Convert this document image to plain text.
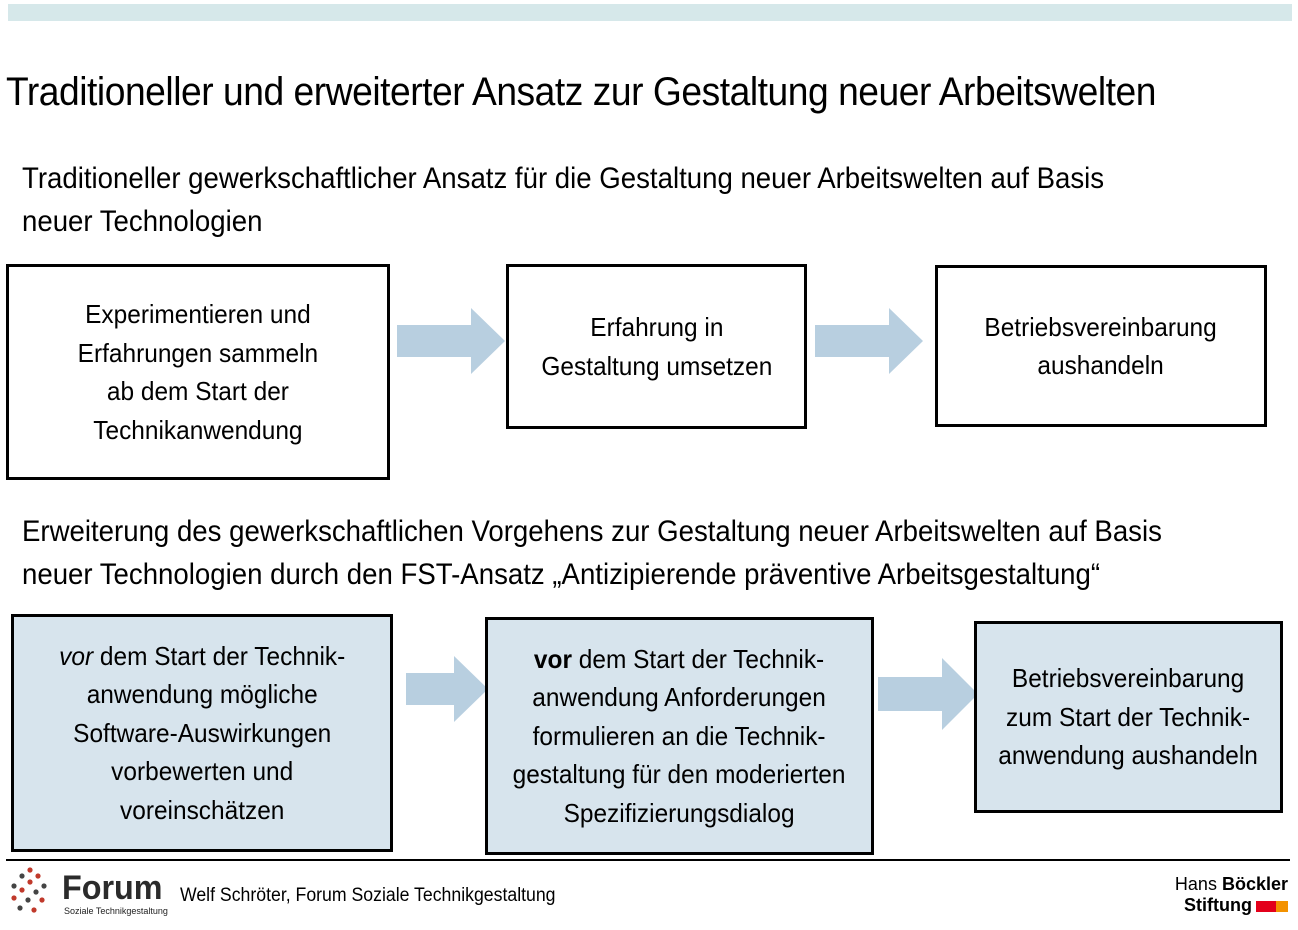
Traditioneller und erweiterter Ansatz zur Gestaltung neuer Arbeitswelten
Traditioneller gewerkschaftlicher Ansatz für die Gestaltung neuer Arbeitswelten auf Basis
neuer Technologien
Experimentieren und
Erfahrungen sammeln
ab dem Start der
Technikanwendung
Erfahrung in
Gestaltung umsetzen
Betriebsvereinbarung
aushandeln
Erweiterung des gewerkschaftlichen Vorgehens zur Gestaltung neuer Arbeitswelten auf Basis
neuer Technologien durch den FST-Ansatz „Antizipierende präventive Arbeitsgestaltung“
vor dem Start der Technik-
anwendung mögliche
Software-Auswirkungen
vorbewerten und
voreinschätzen
vor dem Start der Technik-
anwendung Anforderungen
formulieren an die Technik-
gestaltung für den moderierten
Spezifizierungsdialog
Betriebsvereinbarung
zum Start der Technik-
anwendung aushandeln
Forum
Soziale Technikgestaltung
Welf Schröter, Forum Soziale Technikgestaltung
Hans Böckler
Stiftung
